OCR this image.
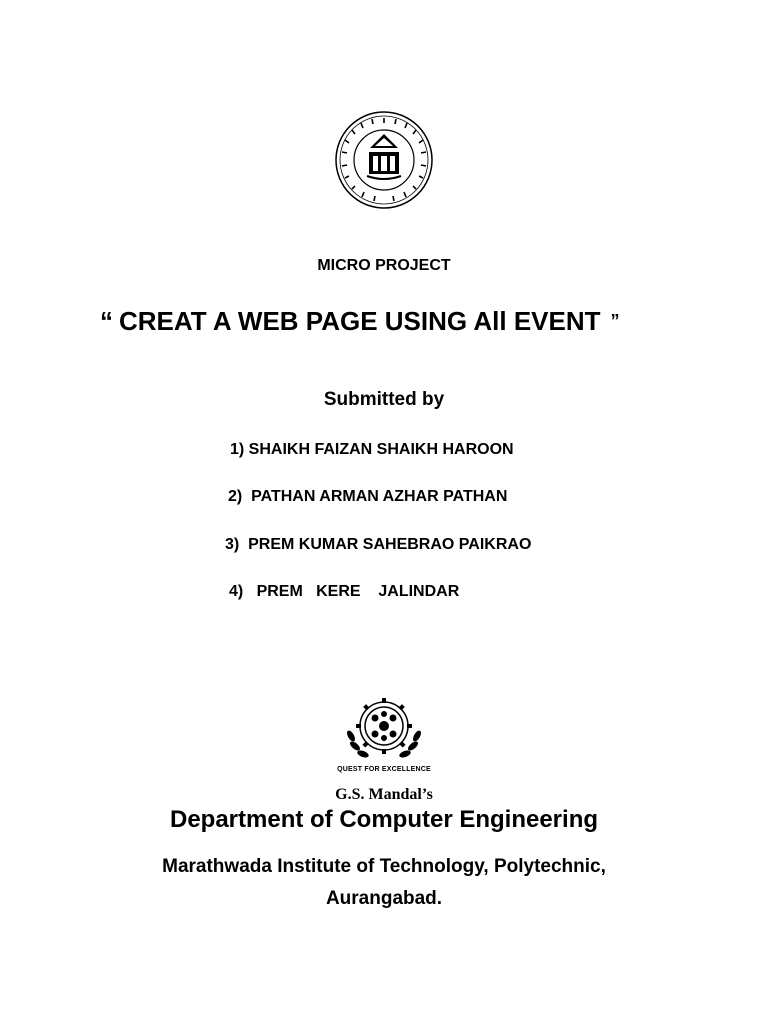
MICRO PROJECT
“ CREAT A WEB PAGE USING All EVENT ”
Submitted by
1) SHAIKH FAIZAN SHAIKH HAROON
2)  PATHAN ARMAN AZHAR PATHAN
3)  PREM KUMAR SAHEBRAO PAIKRAO
4)   PREM   KERE    JALINDAR
QUEST FOR EXCELLENCE
G.S. Mandal’s
Department of Computer Engineering
Marathwada Institute of Technology, Polytechnic,
Aurangabad.
